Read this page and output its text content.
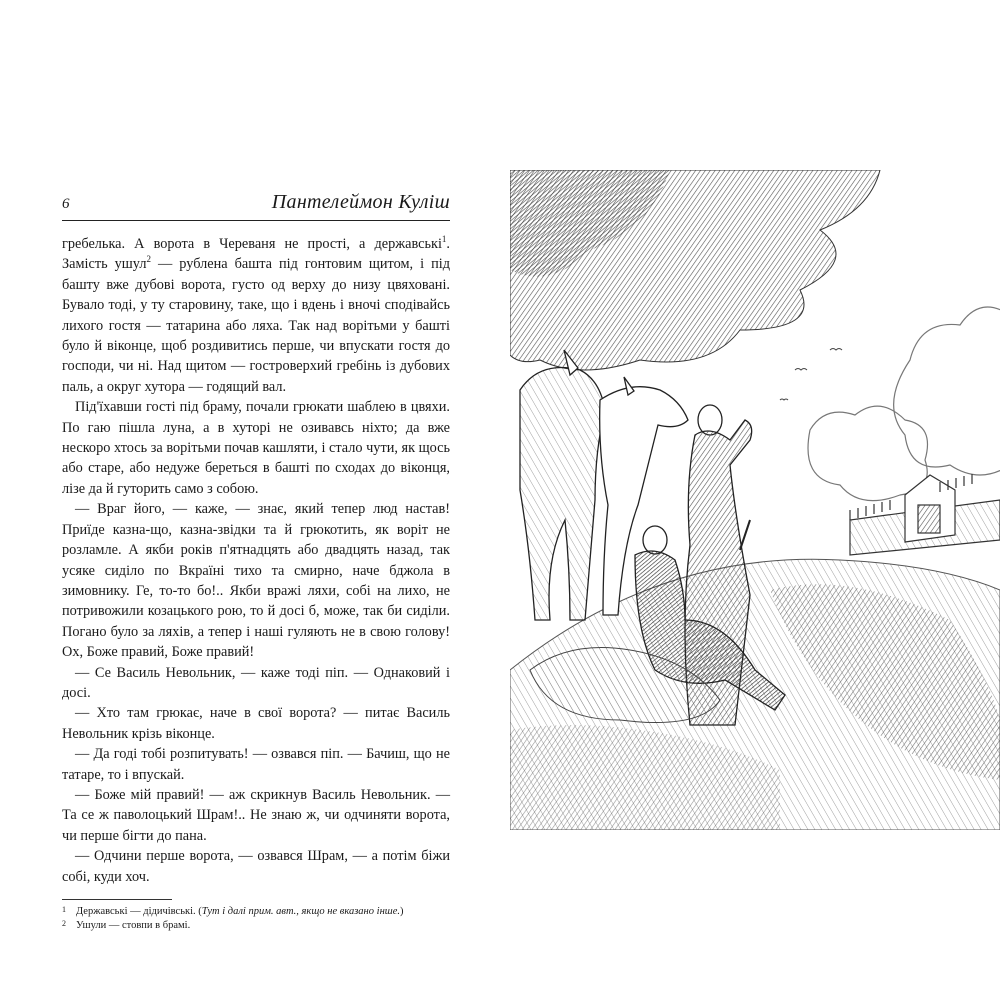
6	Пантелеймон Куліш

гребелька. А ворота в Череваня не прості, а державські$^1$. Замість ушул$^2$ — рублена башта під гонтовим щитом, і під башту вже дубові ворота, густо од верху до низу цвяховані. Бувало тоді, у ту старовину, таке, що і вдень і вночі сподівайсь лихого гостя — татарина або ляха. Так над ворітьми у башті було й віконце, щоб роздивитись перше, чи впускати гостя до господи, чи ні. Над щитом — гостроверхий гребінь із дубових паль, а округ хутора — годящий вал.

Під'їхавши гості під браму, почали грюкати шаблею в цвяхи. По гаю пішла луна, а в хуторі не озивавсь ніхто; да вже нескоро хтось за ворітьми почав кашляти, і стало чути, як щось або старе, або недуже береться в башті по сходах до віконця, лізе да й гуторить само з собою.

— Враг його, — каже, — знає, який тепер люд настав! Приїде казна-що, казна-звідки та й грюкотить, як воріт не розламле. А якби років п'ятнадцять або двадцять назад, так усяке сиділо по Вкраїні тихо та смирно, наче бджола в зимовнику. Ге, то-то бо!.. Якби вражі ляхи, собі на лихо, не потривожили козацького рою, то й досі б, може, так би сиділи. Погано було за ляхів, а тепер і наші гуляють не в свою голову! Ох, Боже правий, Боже правий!

— Се Василь Невольник, — каже тоді піп. — Однаковий і досі.

— Хто там грюкає, наче в свої ворота? — питає Василь Невольник крізь віконце.

— Да годі тобі розпитувать! — озвався піп. — Бачиш, що не татаре, то і впускай.

— Боже мій правий! — аж скрикнув Василь Невольник. — Та се ж паволоцький Шрам!.. Не знаю ж, чи одчиняти ворота, чи перше бігти до пана.

— Одчини перше ворота, — озвався Шрам, — а потім біжи собі, куди хоч.

1 Державські — дідичівські. (Тут і далі прим. авт., якщо не вказано інше.)
2 Ушули — стовпи в брамі.
